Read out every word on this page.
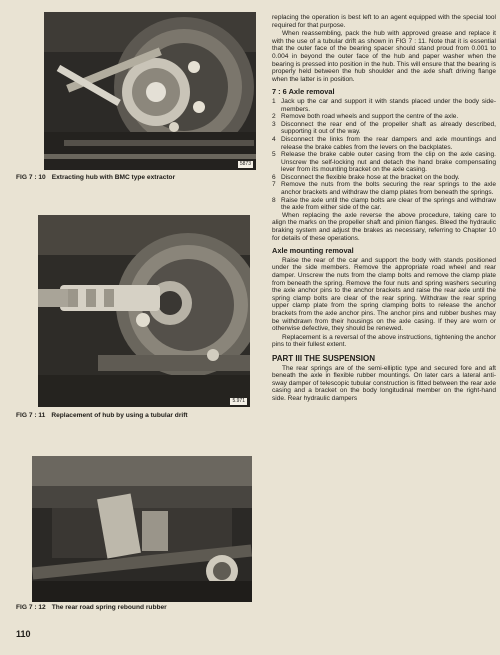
5873
FIG 7 : 10 Extracting hub with BMC type extractor
5.971
FIG 7 : 11 Replacement of hub by using a tubular drift
FIG 7 : 12 The rear road spring rebound rubber
110

replacing the operation is best left to an agent equipped with the special tool required for that purpose.

When reassembling, pack the hub with approved grease and replace it with the use of a tubular drift as shown in FIG 7 : 11. Note that it is essential that the outer face of the bearing spacer should stand proud from 0.001 to 0.004 in beyond the outer face of the hub and paper washer when the bearing is pressed into position in the hub. This will ensure that the bearing is properly held between the hub shoulder and the axle shaft driving flange when the latter is in position.

7 : 6 Axle removal
1 Jack up the car and support it with stands placed under the body side-members.
2 Remove both road wheels and support the centre of the axle.
3 Disconnect the rear end of the propeller shaft as already described, supporting it out of the way.
4 Disconnect the links from the rear dampers and axle mountings and release the brake cables from the levers on the backplates.
5 Release the brake cable outer casing from the clip on the axle casing. Unscrew the self-locking nut and detach the hand brake compensating lever from its mounting bracket on the axle casing.
6 Disconnect the flexible brake hose at the bracket on the body.
7 Remove the nuts from the bolts securing the rear springs to the axle anchor brackets and withdraw the clamp plates from beneath the springs.
8 Raise the axle until the clamp bolts are clear of the springs and withdraw the axle from either side of the car.

When replacing the axle reverse the above procedure, taking care to align the marks on the propeller shaft and pinion flanges. Bleed the hydraulic braking system and adjust the brakes as necessary, referring to Chapter 10 for details of these operations.

Axle mounting removal

Raise the rear of the car and support the body with stands positioned under the side members. Remove the appropriate road wheel and rear damper. Unscrew the nuts from the clamp bolts and remove the clamp plate from beneath the spring. Remove the four nuts and spring washers securing the axle anchor pins to the anchor brackets and raise the rear axle until the spring clamp bolts are clear of the rear spring. Withdraw the rear spring upper clamp plate from the spring clamping bolts to release the anchor brackets from the axle anchor pins. The anchor pins and rubber bushes may be withdrawn from their housings on the axle casing. If they are worn or otherwise defective, they should be renewed.

Replacement is a reversal of the above instructions, tightening the anchor pins to their fullest extent.

PART III THE SUSPENSION

The rear springs are of the semi-elliptic type and secured fore and aft beneath the axle in flexible rubber mountings. On later cars a lateral anti-sway damper of telescopic tubular construction is fitted between the rear axle casing and a bracket on the body longitudinal member on the right-hand side. Rear hydraulic dampers
